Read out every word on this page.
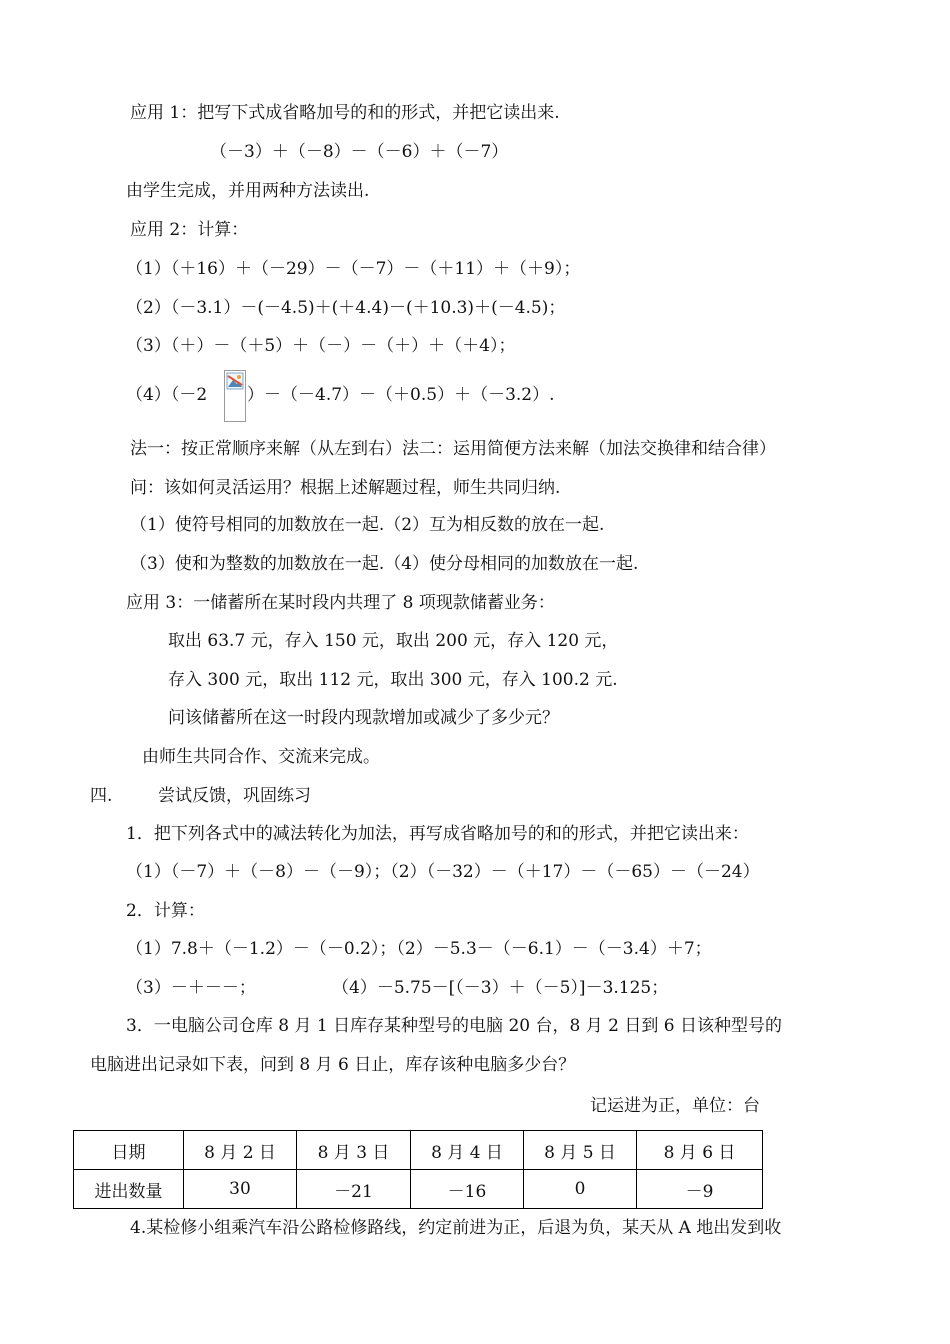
应用 1：把写下式成省略加号的和的形式，并把它读出来.
（－3）＋（－8）－（－6）＋（－7）
由学生完成，并用两种方法读出.
应用 2：计算：
（1）（＋16）＋（－29）－（－7）－（＋11）＋（＋9）；
（2）（－3.1）－(－4.5)＋(＋4.4)－(＋10.3)＋(－4.5)；
（3）（＋）－（＋5）＋（－）－（＋）＋（＋4）；
（4）（－2 ）－（－4.7）－（＋0.5）＋（－3.2）.
法一：按正常顺序来解（从左到右）法二：运用简便方法来解（加法交换律和结合律）
问：该如何灵活运用？根据上述解题过程，师生共同归纳.
（1）使符号相同的加数放在一起.（2）互为相反数的放在一起.
（3）使和为整数的加数放在一起.（4）使分母相同的加数放在一起.
应用 3：一储蓄所在某时段内共理了 8 项现款储蓄业务：
取出 63.7 元，存入 150 元，取出 200 元，存入 120 元，
存入 300 元，取出 112 元，取出 300 元，存入 100.2 元.
问该储蓄所在这一时段内现款增加或减少了多少元？
由师生共同合作、交流来完成。
四.	尝试反馈，巩固练习
1．把下列各式中的减法转化为加法，再写成省略加号的和的形式，并把它读出来：
（1）（－7）＋（－8）－（－9）；（2）（－32）－（＋17）－（－65）－（－24）
2．计算：
（1）7.8＋（－1.2）－（－0.2）；（2）－5.3－（－6.1）－（－3.4）＋7；
（3）－＋－－；	（4）－5.75－[（－3）＋（－5）]－3.125；
3．一电脑公司仓库 8 月 1 日库存某种型号的电脑 20 台，8 月 2 日到 6 日该种型号的
电脑进出记录如下表，问到 8 月 6 日止，库存该种电脑多少台？
记运进为正，单位：台
日期	8 月 2 日	8 月 3 日	8 月 4 日	8 月 5 日	8 月 6 日
进出数量	30	－21	－16	0	－9
4.某检修小组乘汽车沿公路检修路线，约定前进为正，后退为负，某天从 A 地出发到收
